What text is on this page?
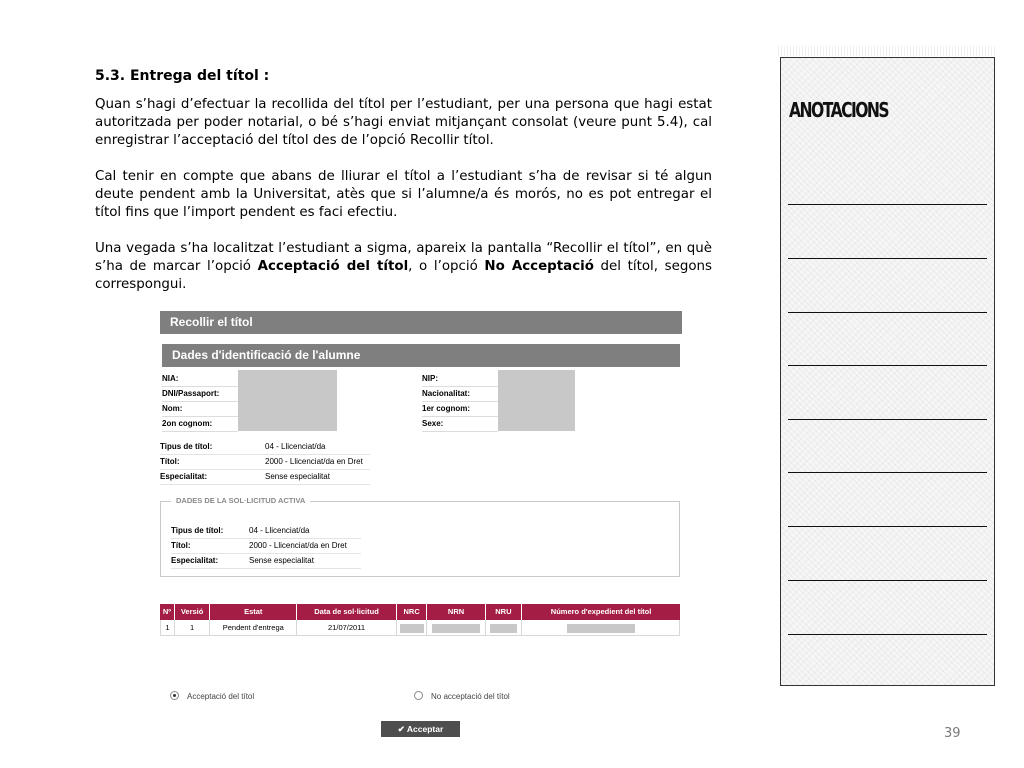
5.3. Entrega del títol :

Quan s’hagi d’efectuar la recollida del títol per l’estudiant, per una persona que hagi estat autoritzada per poder notarial, o bé s’hagi enviat mitjançant consolat (veure punt 5.4), cal enregistrar l’acceptació del títol des de l’opció Recollir títol.

Cal tenir en compte que abans de lliurar el títol a l’estudiant s’ha de revisar si té algun deute pendent amb la Universitat, atès que si l’alumne/a és morós, no es pot entregar el títol fins que l’import pendent es faci efectiu.

Una vegada s’ha localitzat l’estudiant a sigma, apareix la pantalla “Recollir el títol”, en què s’ha de marcar l’opció Acceptació del títol, o l’opció No Acceptació del títol, segons correspongui.

Recollir el títol
Dades d'identificació de l'alumne
NIA:
DNI/Passaport:
Nom:
2on cognom:
NIP:
Nacionalitat:
1er cognom:
Sexe:
Tipus de títol:	04 - Llicenciat/da
Títol:	2000 - Llicenciat/da en Dret
Especialitat:	Sense especialitat
DADES DE LA SOL·LICITUD ACTIVA
Tipus de títol:	04 - Llicenciat/da
Títol:	2000 - Llicenciat/da en Dret
Especialitat:	Sense especialitat
Nº	Versió	Estat	Data de sol·licitud	NRC	NRN	NRU	Número d'expedient del títol
1	1	Pendent d'entrega	21/07/2011
Acceptació del títol	No acceptació del títol
✔ Acceptar
ANOTACIONS
39
